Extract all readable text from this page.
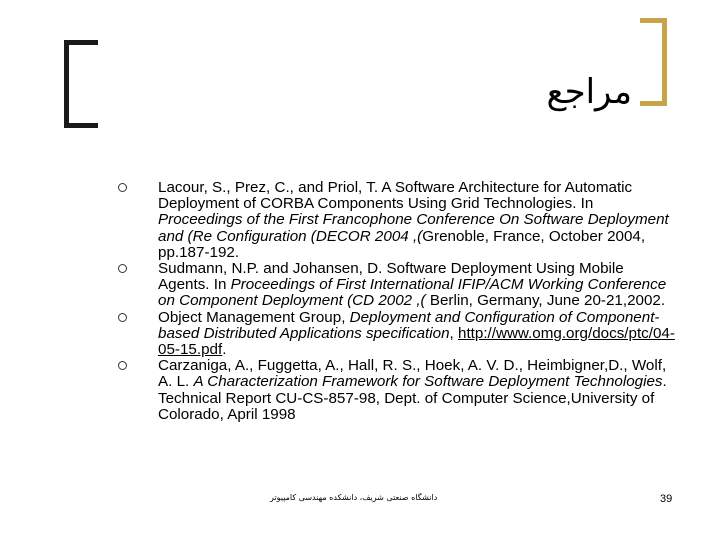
مراجع
Lacour, S., Prez, C., and Priol, T. A Software Architecture for Automatic Deployment of CORBA Components Using Grid Technologies. In Proceedings of the First Francophone Conference On Software Deployment and (Re Configuration (DECOR 2004 ,(Grenoble, France, October 2004, pp.187-192.
Sudmann, N.P. and Johansen, D. Software Deployment Using Mobile Agents. In Proceedings of First International IFIP/ACM Working Conference on Component Deployment (CD 2002 ,( Berlin, Germany, June 20-21,2002.
Object Management Group, Deployment and Configuration of Component-based Distributed Applications specification, http://www.omg.org/docs/ptc/04-05-15.pdf.
Carzaniga, A., Fuggetta, A., Hall, R. S., Hoek, A. V. D., Heimbigner,D., Wolf, A. L. A Characterization Framework for Software Deployment Technologies. Technical Report CU-CS-857-98, Dept. of Computer Science,University of Colorado, April 1998
دانشگاه صنعتی شریف، دانشکده مهندسی کامپیوتر	39
